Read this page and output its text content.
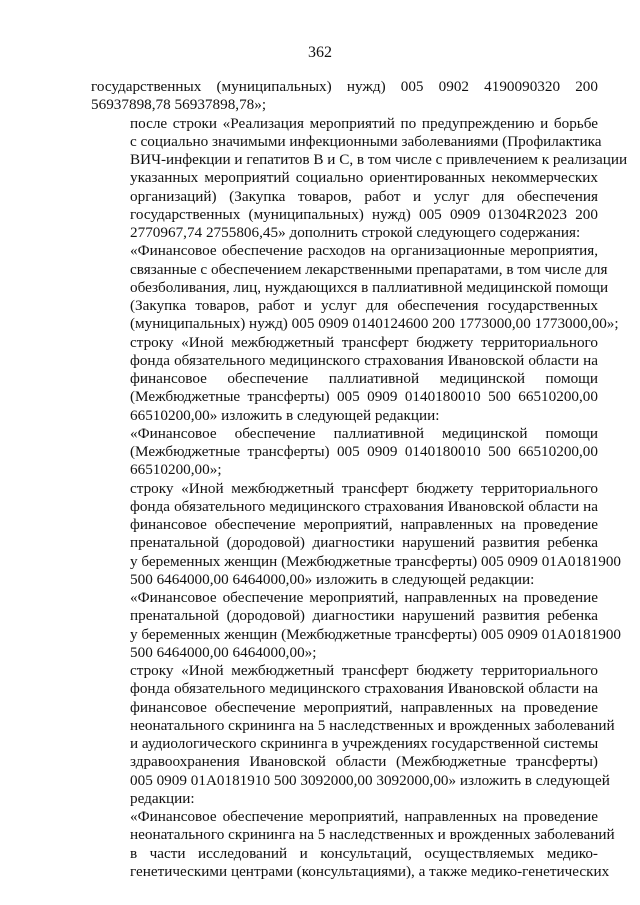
362
государственных (муниципальных) нужд) 005 0902 4190090320 200
56937898,78 56937898,78»;
после строки «Реализация мероприятий по предупреждению и борьбе
с социально значимыми инфекционными заболеваниями (Профилактика
ВИЧ-инфекции и гепатитов B и C, в том числе с привлечением к реализации
указанных мероприятий социально ориентированных некоммерческих
организаций) (Закупка товаров, работ и услуг для обеспечения
государственных (муниципальных) нужд) 005 0909 01304R2023 200
2770967,74 2755806,45» дополнить строкой следующего содержания:
«Финансовое обеспечение расходов на организационные мероприятия,
связанные с обеспечением лекарственными препаратами, в том числе для
обезболивания, лиц, нуждающихся в паллиативной медицинской помощи
(Закупка товаров, работ и услуг для обеспечения государственных
(муниципальных) нужд) 005 0909 0140124600 200 1773000,00 1773000,00»;
строку «Иной межбюджетный трансферт бюджету территориального
фонда обязательного медицинского страхования Ивановской области на
финансовое обеспечение паллиативной медицинской помощи
(Межбюджетные трансферты) 005 0909 0140180010 500 66510200,00
66510200,00» изложить в следующей редакции:
«Финансовое обеспечение паллиативной медицинской помощи
(Межбюджетные трансферты) 005 0909 0140180010 500 66510200,00
66510200,00»;
строку «Иной межбюджетный трансферт бюджету территориального
фонда обязательного медицинского страхования Ивановской области на
финансовое обеспечение мероприятий, направленных на проведение
пренатальной (дородовой) диагностики нарушений развития ребенка
у беременных женщин (Межбюджетные трансферты) 005 0909 01А0181900
500 6464000,00 6464000,00» изложить в следующей редакции:
«Финансовое обеспечение мероприятий, направленных на проведение
пренатальной (дородовой) диагностики нарушений развития ребенка
у беременных женщин (Межбюджетные трансферты) 005 0909 01А0181900
500 6464000,00 6464000,00»;
строку «Иной межбюджетный трансферт бюджету территориального
фонда обязательного медицинского страхования Ивановской области на
финансовое обеспечение мероприятий, направленных на проведение
неонатального скрининга на 5 наследственных и врожденных заболеваний
и аудиологического скрининга в учреждениях государственной системы
здравоохранения Ивановской области (Межбюджетные трансферты)
005 0909 01А0181910 500 3092000,00 3092000,00» изложить в следующей
редакции:
«Финансовое обеспечение мероприятий, направленных на проведение
неонатального скрининга на 5 наследственных и врожденных заболеваний
в части исследований и консультаций, осуществляемых медико-
генетическими центрами (консультациями), а также медико-генетических
